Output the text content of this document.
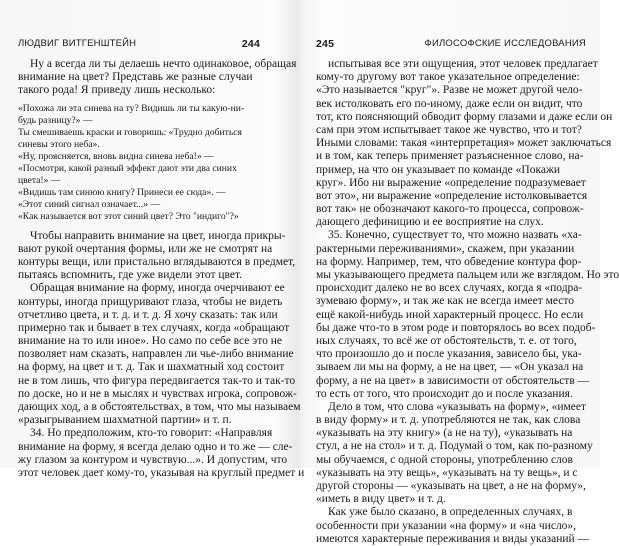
ЛЮДВИГ ВИТГЕНШТЕЙН	244
Ну а всегда ли ты делаешь нечто одинаковое, обращая
внимание на цвет? Представь же разные случаи
такого рода! Я приведу лишь несколько:
«Похожа ли эта синева на ту? Видишь ли ты какую-ни-
будь разницу?» —
Ты смешиваешь краски и говоришь: «Трудно добиться
синевы этого неба».
«Ну, проясняется, вновь видна синева неба!» —
«Посмотри, какой разный эффект дают эти два синих
цвета!» —
«Видишь там синюю книгу? Принеси ее сюда». —
«Этот синий сигнал означает...» —
«Как называется вот этот синий цвет? Это "индиго"?»
Чтобы направить внимание на цвет, иногда прикры-
вают рукой очертания формы, или же не смотрят на
контуры вещи, или пристально вглядываются в предмет,
пытаясь вспомнить, где уже видели этот цвет.
Обращая внимание на форму, иногда очерчивают ее
контуры, иногда прищуривают глаза, чтобы не видеть
отчетливо цвета, и т. д. и т. д. Я хочу сказать: так или
примерно так и бывает в тех случаях, когда «обращают
внимание на то или иное». Но само по себе все это не
позволяет нам сказать, направлен ли чье-либо внимание
на форму, на цвет и т. д. Так и шахматный ход состоит
не в том лишь, что фигура передвигается так-то и так-то
по доске, но и не в мыслях и чувствах игрока, сопровож-
дающих ход, а в обстоятельствах, в том, что мы называем
«разыгрыванием шахматной партии» и т. п.
34. Но предположим, кто-то говорит: «Направляя
внимание на форму, я всегда делаю одно и то же — сле-
жу глазом за контуром и чувствую...». И допустим, что
этот человек дает кому-то, указывая на круглый предмет и
245	ФИЛОСОФСКИЕ ИССЛЕДОВАНИЯ
испытывая все эти ощущения, этот человек предлагает
кому-то другому вот такое указательное определение:
«Это называется "круг"». Разве не может другой чело-
век истолковать его по-иному, даже если он видит, что
тот, кто поясняющий обводит форму глазами и даже если он
сам при этом испытывает такое же чувство, что и тот?
Иными словами: такая «интерпретация» может заключаться
и в том, как теперь применяет разъясненное слово, на-
пример, на что он указывает по команде «Покажи
круг». Ибо ни выражение «определение подразумевает
вот это», ни выражение «определение истолковывается
вот так» не обозначают какого-то процесса, сопровож-
дающего дефиницию и ее восприятие на слух.
35. Конечно, существует то, что можно назвать «ха-
рактерными переживаниями», скажем, при указании
на форму. Например, тем, что обведение контура фор-
мы указывающего предмета пальцем или же взглядом. Но это
происходит далеко не во всех случаях, когда я «подра-
зумеваю форму», и так же как не всегда имеет место
ещё какой-нибудь иной характерный процесс. Но если
бы даже что-то в этом роде и повторялось во всех подоб-
ных случаях, то всё же от обстоятельств, т. е. от того,
что произошло до и после указания, зависело бы, ука-
зываем ли мы на форму, а не на цвет, — «Он указал на
форму, а не на цвет» в зависимости от обстоятельств —
то есть от того, что происходит до и после указания.
Дело в том, что слова «указывать на форму», «имеет
в виду форму» и т. д. употребляются не так, как слова
«указывать на эту книгу» (а не на ту), «указывать на
стул, а не на стол» и т. д. Подумай о том, как по-разному
мы обучаемся, с одной стороны, употреблению слов
«указывать на эту вещь», «указывать на ту вещь», и с
другой стороны — «указывать на цвет, а не на форму»,
«иметь в виду цвет» и т. д.
Как уже было сказано, в определенных случаях, в
особенности при указании «на форму» и «на число»,
имеются характерные переживания и виды указаний —
